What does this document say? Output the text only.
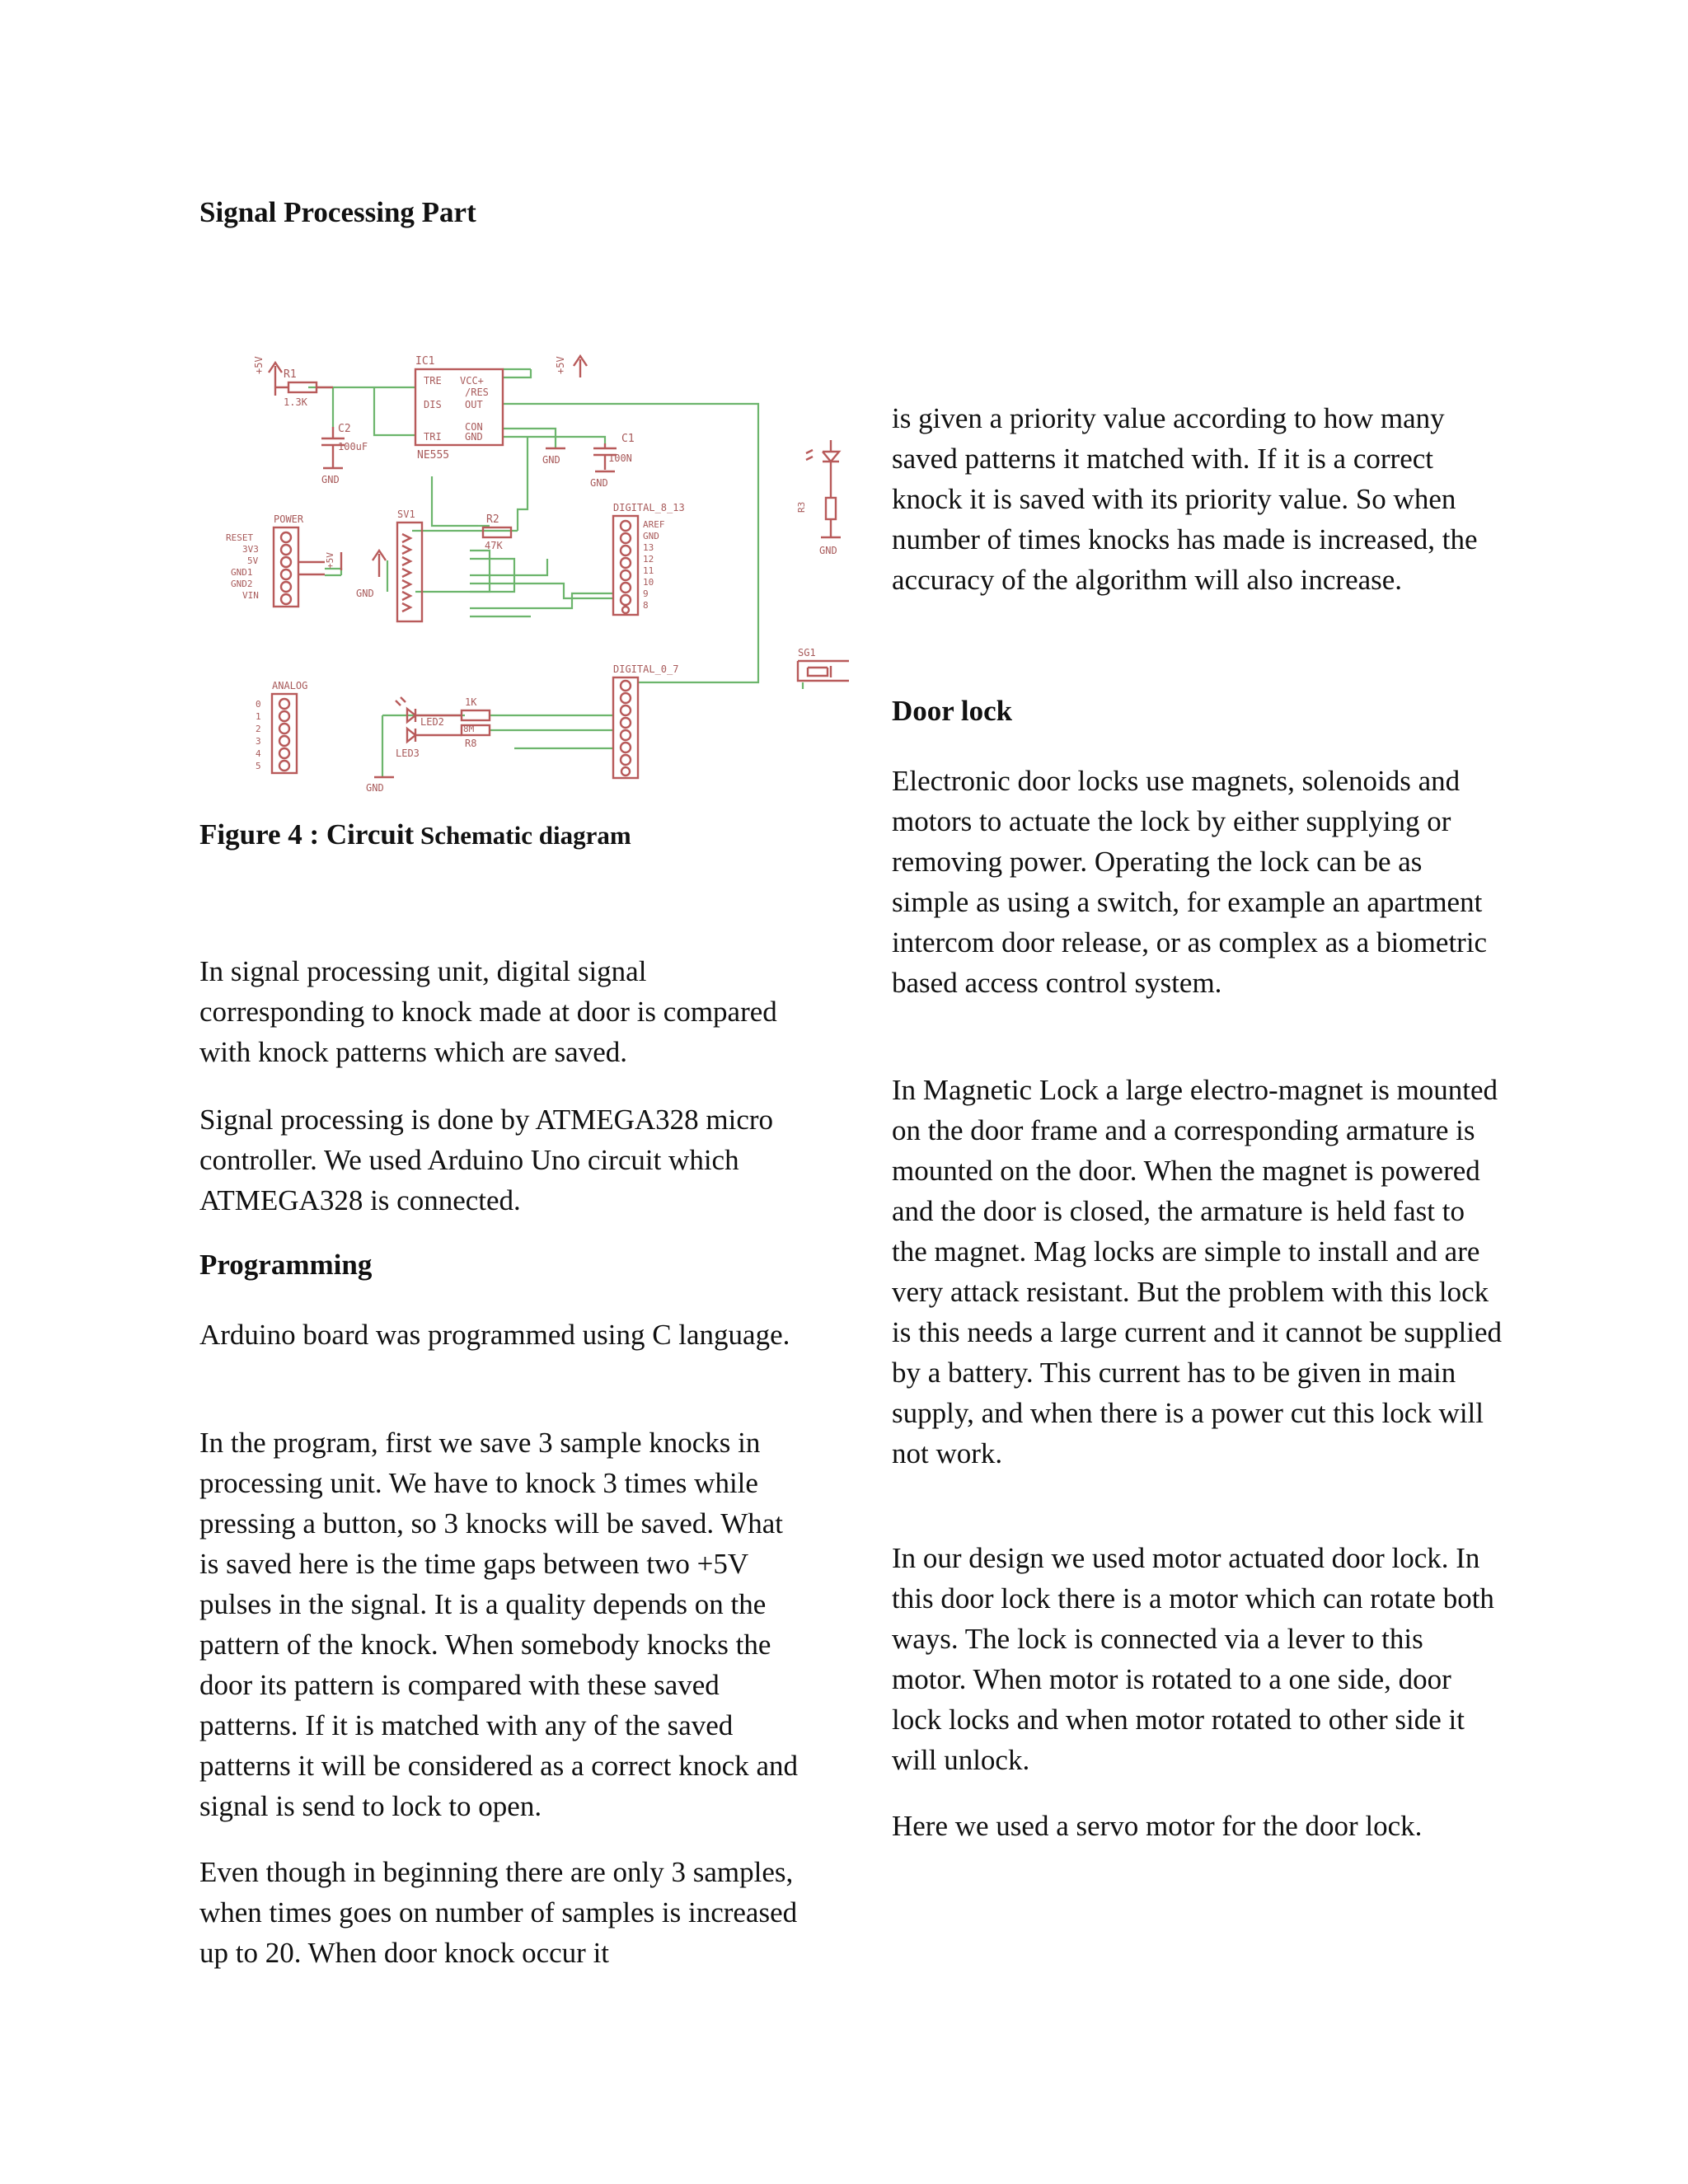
Signal Processing Part
IC1
NE555
TRE VCC+
/RES
DIS OUT
CON
TRI GND
+5V	+5V
R1
1.3K
C2
100uF
GND
GND
C1
100N
GND
POWER
RESET
3V3
5V
GND1
GND2
VIN
+5V
GND
SV1	R2
47K
DIGITAL_8_13
AREF
GND
13
12
11
10
9
8
R3
GND
ANALOG
0
1
2
3
4
5
LED2
LED3
1K
8M
R8
GND
DIGITAL_0_7
SG1

Figure 4 : Circuit Schematic diagram

In signal processing unit, digital signal corresponding to knock made at door is compared with knock patterns which are saved.

Signal processing is done by ATMEGA328 micro controller. We used Arduino Uno circuit which ATMEGA328 is connected.

Programming

Arduino board was programmed using C language.

In the program, first we save 3 sample knocks in processing unit. We have to knock 3 times while pressing a button, so 3 knocks will be saved. What is saved here is the time gaps between two +5V pulses in the signal. It is a quality depends on the pattern of the knock. When somebody knocks the door its pattern is compared with these saved patterns. If it is matched with any of the saved patterns it will be considered as a correct knock and signal is send to lock to open.

Even though in beginning there are only 3 samples, when times goes on number of samples is increased up to 20. When door knock occur it

is given a priority value according to how many saved patterns it matched with. If it is a correct knock it is saved with its priority value. So when number of times knocks has made is increased, the accuracy of the algorithm will also increase.

Door lock

Electronic door locks use magnets, solenoids and motors to actuate the lock by either supplying or removing power. Operating the lock can be as simple as using a switch, for example an apartment intercom door release, or as complex as a biometric based access control system.

In Magnetic Lock a large electro-magnet is mounted on the door frame and a corresponding armature is mounted on the door. When the magnet is powered and the door is closed, the armature is held fast to the magnet. Mag locks are simple to install and are very attack resistant. But the problem with this lock is this needs a large current and it cannot be supplied by a battery. This current has to be given in main supply, and when there is a power cut this lock will not work.

In our design we used motor actuated door lock. In this door lock there is a motor which can rotate both ways. The lock is connected via a lever to this motor. When motor is rotated to a one side, door lock locks and when motor rotated to other side it will unlock.

Here we used a servo motor for the door lock.
